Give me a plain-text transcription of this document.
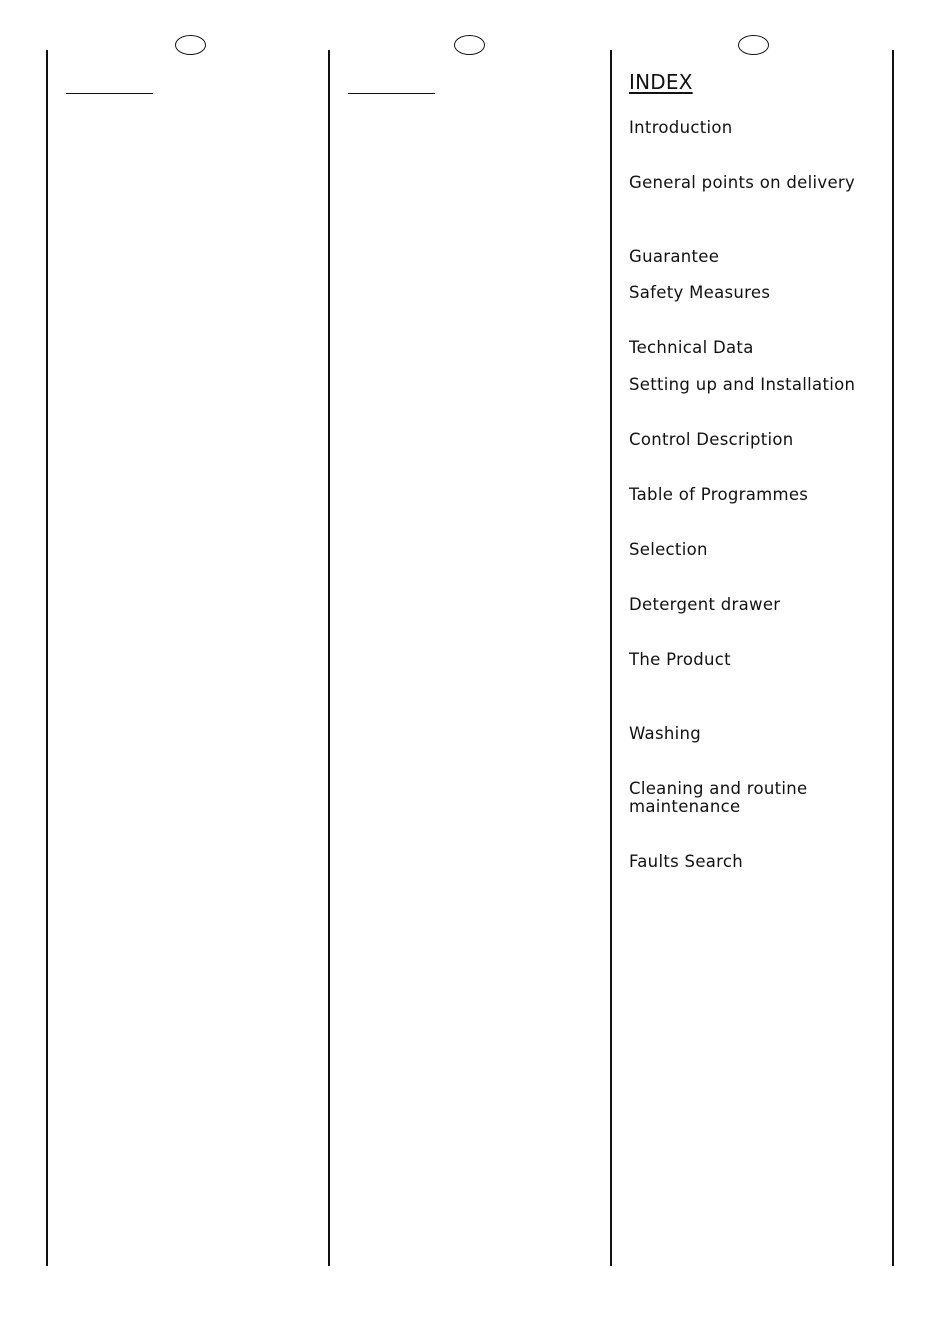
INDEX

Introduction

General points on delivery

Guarantee

Safety Measures

Technical Data

Setting up and Installation

Control Description

Table of Programmes

Selection

Detergent drawer

The Product

Washing

Cleaning and routine maintenance

Faults Search
